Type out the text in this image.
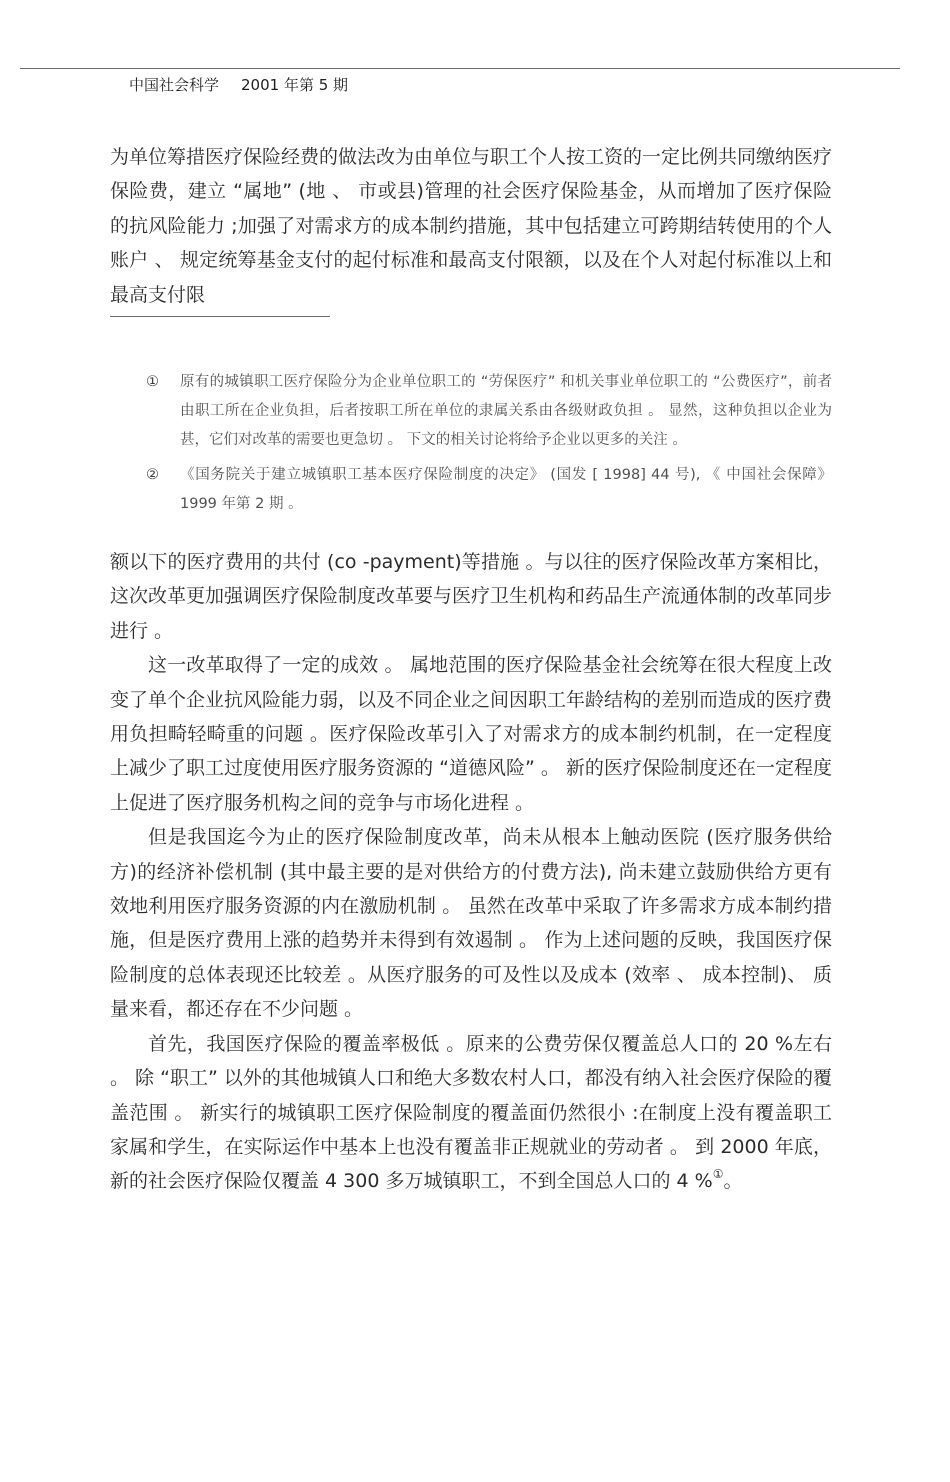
中国社会科学 2001 年第 5 期

为单位筹措医疗保险经费的做法改为由单位与职工个人按工资的一定比例共同缴纳医疗保险费，建立 “属地” (地 、 市或县)管理的社会医疗保险基金，从而增加了医疗保险的抗风险能力 ;加强了对需求方的成本制约措施，其中包括建立可跨期结转使用的个人账户 、 规定统筹基金支付的起付标准和最高支付限额，以及在个人对起付标准以上和最高支付限

① 原有的城镇职工医疗保险分为企业单位职工的 “劳保医疗” 和机关事业单位职工的 “公费医疗”，前者由职工所在企业负担，后者按职工所在单位的隶属关系由各级财政负担 。 显然，这种负担以企业为甚，它们对改革的需要也更急切 。 下文的相关讨论将给予企业以更多的关注 。
② 《国务院关于建立城镇职工基本医疗保险制度的决定》 (国发 [ 1998] 44 号), 《 中国社会保障》 1999 年第 2 期 。

额以下的医疗费用的共付 (co -payment)等措施 。与以往的医疗保险改革方案相比，这次改革更加强调医疗保险制度改革要与医疗卫生机构和药品生产流通体制的改革同步进行 。

这一改革取得了一定的成效 。 属地范围的医疗保险基金社会统筹在很大程度上改变了单个企业抗风险能力弱，以及不同企业之间因职工年龄结构的差别而造成的医疗费用负担畸轻畸重的问题 。医疗保险改革引入了对需求方的成本制约机制，在一定程度上减少了职工过度使用医疗服务资源的 “道德风险” 。 新的医疗保险制度还在一定程度上促进了医疗服务机构之间的竞争与市场化进程 。

但是我国迄今为止的医疗保险制度改革，尚未从根本上触动医院 (医疗服务供给方)的经济补偿机制 (其中最主要的是对供给方的付费方法), 尚未建立鼓励供给方更有效地利用医疗服务资源的内在激励机制 。 虽然在改革中采取了许多需求方成本制约措施，但是医疗费用上涨的趋势并未得到有效遏制 。 作为上述问题的反映，我国医疗保险制度的总体表现还比较差 。从医疗服务的可及性以及成本 (效率 、 成本控制)、 质量来看，都还存在不少问题 。

首先，我国医疗保险的覆盖率极低 。原来的公费劳保仅覆盖总人口的 20 %左右 。 除 “职工” 以外的其他城镇人口和绝大多数农村人口，都没有纳入社会医疗保险的覆盖范围 。 新实行的城镇职工医疗保险制度的覆盖面仍然很小 :在制度上没有覆盖职工家属和学生，在实际运作中基本上也没有覆盖非正规就业的劳动者 。 到 2000 年底，新的社会医疗保险仅覆盖 4 300 多万城镇职工，不到全国总人口的 4 %①。
